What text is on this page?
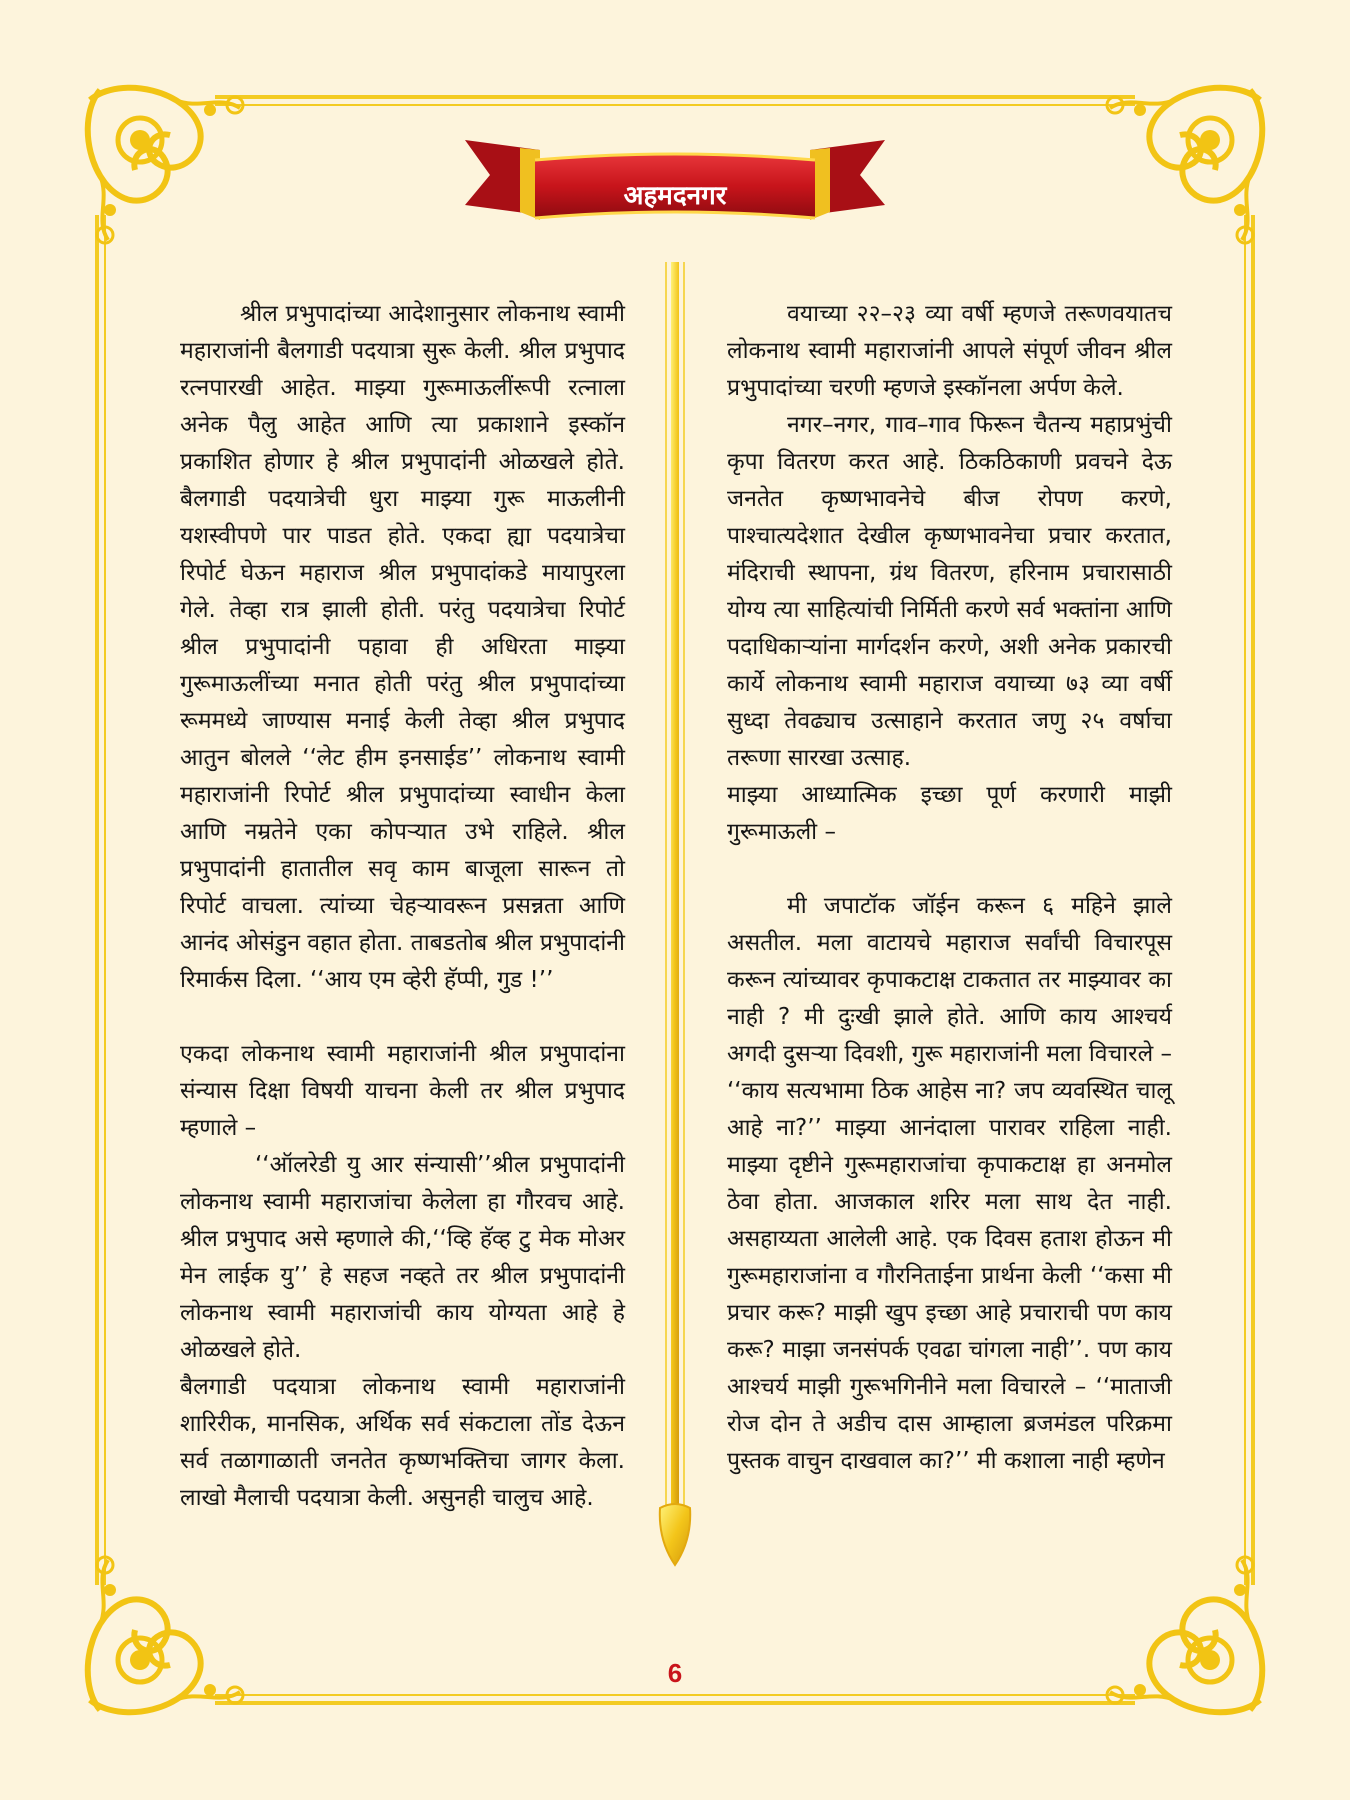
अहमदनगर

श्रील प्रभुपादांच्या आदेशानुसार लोकनाथ स्वामी महाराजांनी बैलगाडी पदयात्रा सुरू केली. श्रील प्रभुपाद रत्नपारखी आहेत. माझ्या गुरूमाऊलींरूपी रत्नाला अनेक पैलु आहेत आणि त्या प्रकाशाने इस्कॉन प्रकाशित होणार हे श्रील प्रभुपादांनी ओळखले होते. बैलगाडी पदयात्रेची धुरा माझ्या गुरू माऊलीनी यशस्वीपणे पार पाडत होते. एकदा ह्या पदयात्रेचा रिपोर्ट घेऊन महाराज श्रील प्रभुपादांकडे मायापुरला गेले. तेव्हा रात्र झाली होती. परंतु पदयात्रेचा रिपोर्ट श्रील प्रभुपादांनी पहावा ही अधिरता माझ्या गुरूमाऊलींच्या मनात होती परंतु श्रील प्रभुपादांच्या रूममध्ये जाण्यास मनाई केली तेव्हा श्रील प्रभुपाद आतुन बोलले ‘‘लेट हीम इनसाईड’’ लोकनाथ स्वामी महाराजांनी रिपोर्ट श्रील प्रभुपादांच्या स्वाधीन केला आणि नम्रतेने एका कोपऱ्यात उभे राहिले. श्रील प्रभुपादांनी हातातील सवृ काम बाजूला सारून तो रिपोर्ट वाचला. त्यांच्या चेहऱ्यावरून प्रसन्नता आणि आनंद ओसंडुन वहात होता. ताबडतोब श्रील प्रभुपादांनी रिमार्कस दिला. ‘‘आय एम व्हेरी हॅप्पी, गुड !’’

एकदा लोकनाथ स्वामी महाराजांनी श्रील प्रभुपादांना संन्यास दिक्षा विषयी याचना केली तर श्रील प्रभुपाद म्हणाले –

‘‘ऑलरेडी यु आर संन्यासी’’श्रील प्रभुपादांनी लोकनाथ स्वामी महाराजांचा केलेला हा गौरवच आहे. श्रील प्रभुपाद असे म्हणाले की,‘‘व्हि हॅव्ह टु मेक मोअर मेन लाईक यु’’ हे सहज नव्हते तर श्रील प्रभुपादांनी लोकनाथ स्वामी महाराजांची काय योग्यता आहे हे ओळखले होते.

बैलगाडी पदयात्रा लोकनाथ स्वामी महाराजांनी शारिरीक, मानसिक, अर्थिक सर्व संकटाला तोंड देऊन सर्व तळागाळाती जनतेत कृष्णभक्तिचा जागर केला. लाखो मैलाची पदयात्रा केली. असुनही चालुच आहे.

वयाच्या २२–२३ व्या वर्षी म्हणजे तरूणवयातच लोकनाथ स्वामी महाराजांनी आपले संपूर्ण जीवन श्रील प्रभुपादांच्या चरणी म्हणजे इस्कॉनला अर्पण केले.

नगर–नगर, गाव–गाव फिरून चैतन्य महाप्रभुंची कृपा वितरण करत आहे. ठिकठिकाणी प्रवचने देऊ जनतेत कृष्णभावनेचे बीज रोपण करणे, पाश्चात्यदेशात देखील कृष्णभावनेचा प्रचार करतात, मंदिराची स्थापना, ग्रंथ वितरण, हरिनाम प्रचारासाठी योग्य त्या साहित्यांची निर्मिती करणे सर्व भक्तांना आणि पदाधिकाऱ्यांना मार्गदर्शन करणे, अशी अनेक प्रकारची कार्ये लोकनाथ स्वामी महाराज वयाच्या ७३ व्या वर्षी सुध्दा तेवढ्याच उत्साहाने करतात जणु २५ वर्षाचा तरूणा सारखा उत्साह.

माझ्या आध्यात्मिक इच्छा पूर्ण करणारी माझी गुरूमाऊली –

मी जपाटॉक जॉईन करून ६ महिने झाले असतील. मला वाटायचे महाराज सर्वांची विचारपूस करून त्यांच्यावर कृपाकटाक्ष टाकतात तर माझ्यावर का नाही ? मी दुःखी झाले होते. आणि काय आश्चर्य अगदी दुसऱ्या दिवशी, गुरू महाराजांनी मला विचारले – ‘‘काय सत्यभामा ठिक आहेस ना? जप व्यवस्थित चालू आहे ना?’’ माझ्या आनंदाला पारावर राहिला नाही. माझ्या दृष्टीने गुरूमहाराजांचा कृपाकटाक्ष हा अनमोल ठेवा होता. आजकाल शरिर मला साथ देत नाही. असहाय्यता आलेली आहे. एक दिवस हताश होऊन मी गुरूमहाराजांना व गौरनिताईना प्रार्थना केली ‘‘कसा मी प्रचार करू? माझी खुप इच्छा आहे प्रचाराची पण काय करू? माझा जनसंपर्क एवढा चांगला नाही’’. पण काय आश्चर्य माझी गुरूभगिनीने मला विचारले – ‘‘माताजी रोज दोन ते अडीच दास आम्हाला ब्रजमंडल परिक्रमा पुस्तक वाचुन दाखवाल का?’’ मी कशाला नाही म्हणेन

6
